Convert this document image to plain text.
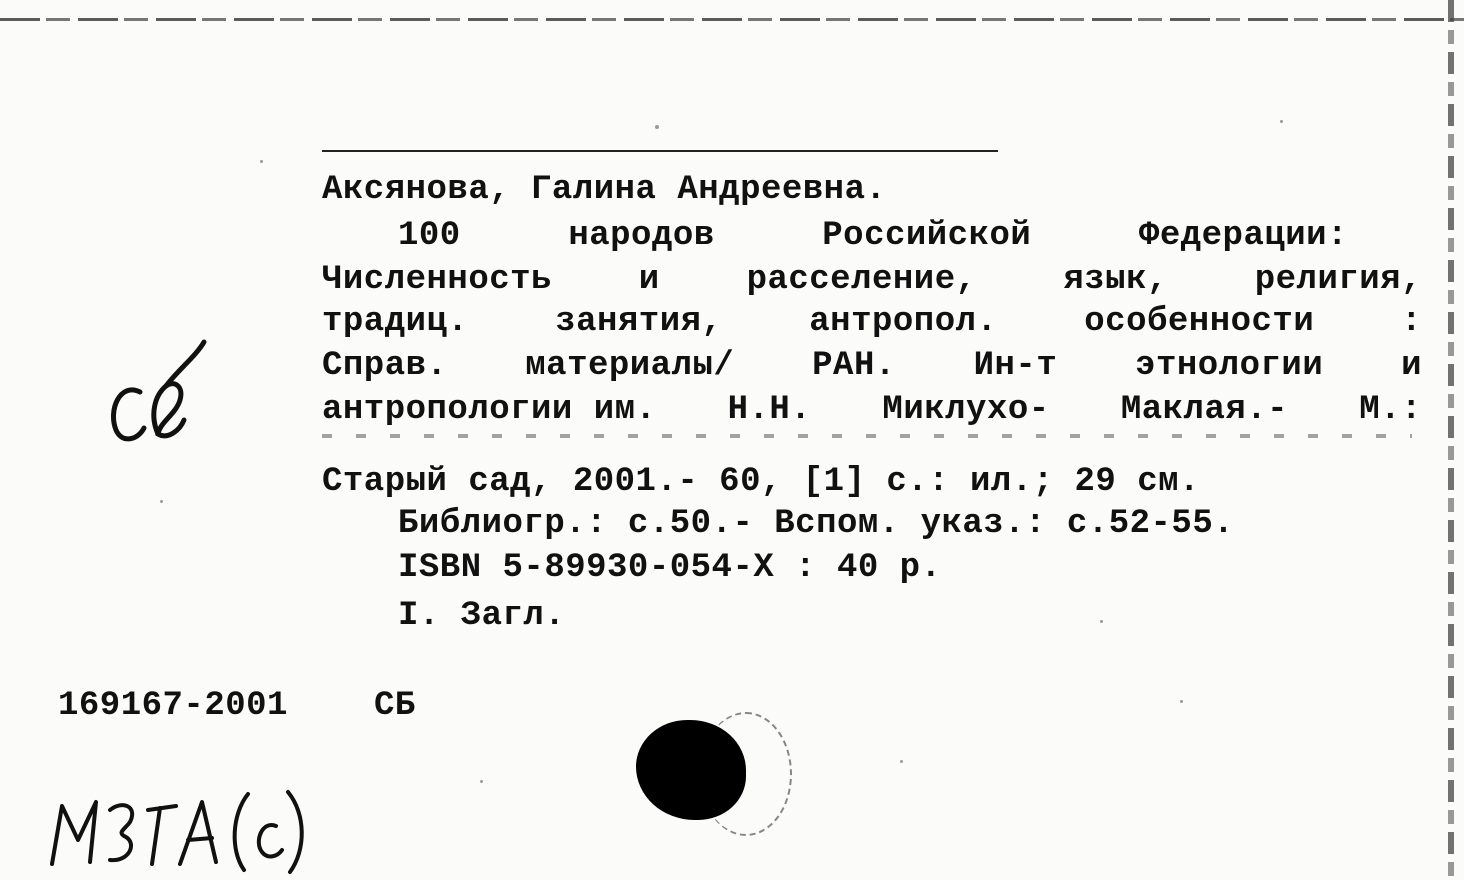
Аксянова, Галина Андреевна.
100	народов	Российской	Федерации:
Численность	и	расселение,	язык,	религия,
традиц.	занятия,	антропол.	особенности	:
Справ. материалы/ РАН. Ин-т этнологии и
антропологии им. Н.Н. Миклухо- Маклая.- М.:
Старый сад, 2001.- 60, [1] с.: ил.; 29 см.
Библиогр.: с.50.- Вспом. указ.: с.52-55.
ISBN 5-89930-054-X : 40 р.
I. Загл.
169167-2001	СБ
